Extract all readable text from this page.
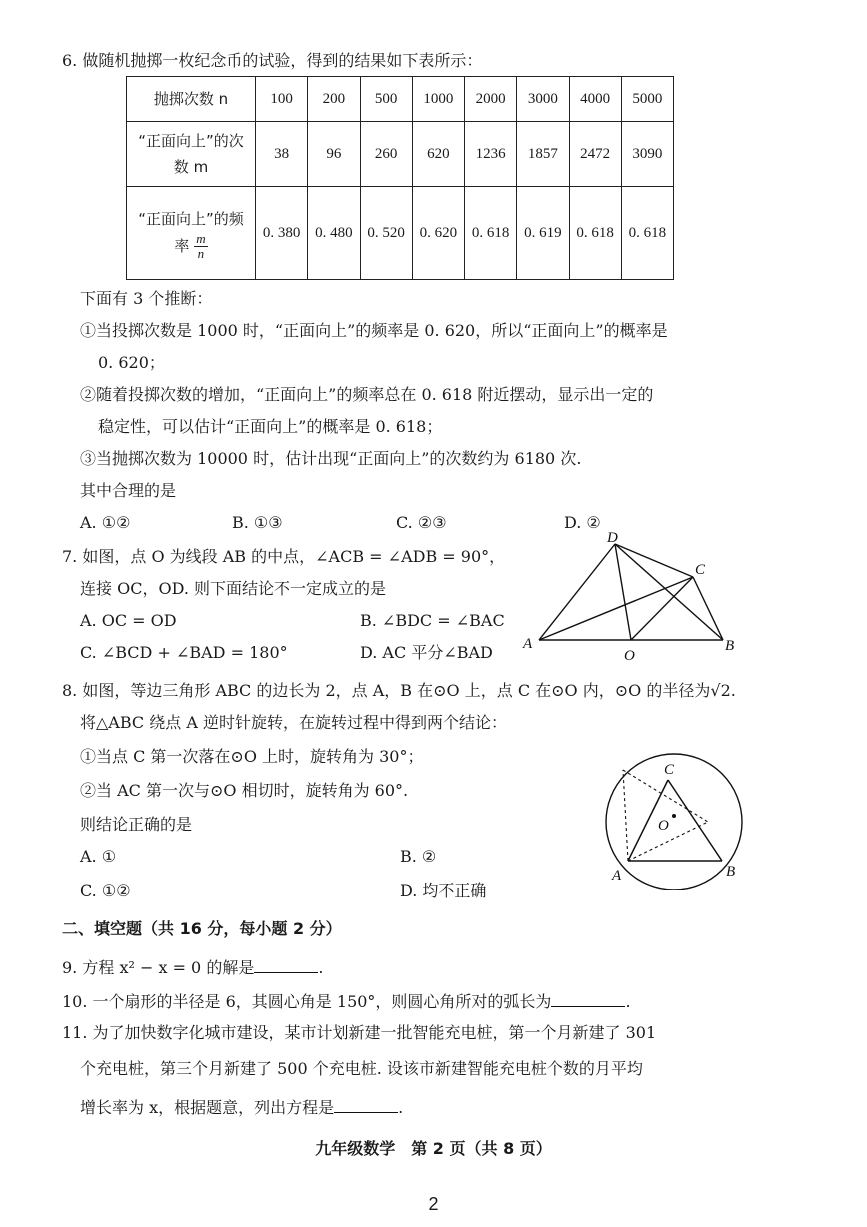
6. 做随机抛掷一枚纪念币的试验，得到的结果如下表所示：
抛掷次数 n	100	200	500	1000	2000	3000	4000	5000
“正面向上”的次数 m	38	96	260	620	1236	1857	2472	3090
“正面向上”的频率 $\frac{m}{n}$	0. 380	0. 480	0. 520	0. 620	0. 618	0. 619	0. 618	0. 618
下面有 3 个推断：
①当投掷次数是 1000 时，“正面向上”的频率是 0. 620，所以“正面向上”的概率是
0. 620；
②随着投掷次数的增加，“正面向上”的频率总在 0. 618 附近摆动，显示出一定的
稳定性，可以估计“正面向上”的概率是 0. 618；
③当抛掷次数为 10000 时，估计出现“正面向上”的次数约为 6180 次.
其中合理的是
A. ①②	B. ①③	C. ②③	D. ②
7. 如图，点 O 为线段 AB 的中点，∠ACB = ∠ADB = 90°，
连接 OC，OD. 则下面结论不一定成立的是
A. OC = OD	B. ∠BDC = ∠BAC
C. ∠BCD + ∠BAD = 180°	D. AC 平分∠BAD A	B
C
D
O
8. 如图，等边三角形 ABC 的边长为 2，点 A，B 在⊙O 上，点 C 在⊙O 内，⊙O 的半径为√2.
将△ABC 绕点 A 逆时针旋转，在旋转过程中得到两个结论：
①当点 C 第一次落在⊙O 上时，旋转角为 30°；
②当 AC 第一次与⊙O 相切时，旋转角为 60°.
则结论正确的是
A. ①	B. ②
C. ①②	D. 均不正确
O
C
A	B
二、填空题（共 16 分，每小题 2 分）
9. 方程 x² − x = 0 的解是	.
10. 一个扇形的半径是 6，其圆心角是 150°，则圆心角所对的弧长为	.
11. 为了加快数字化城市建设，某市计划新建一批智能充电桩，第一个月新建了 301
个充电桩，第三个月新建了 500 个充电桩. 设该市新建智能充电桩个数的月平均
增长率为 x，根据题意，列出方程是	.
九年级数学　第 2 页（共 8 页）
2
